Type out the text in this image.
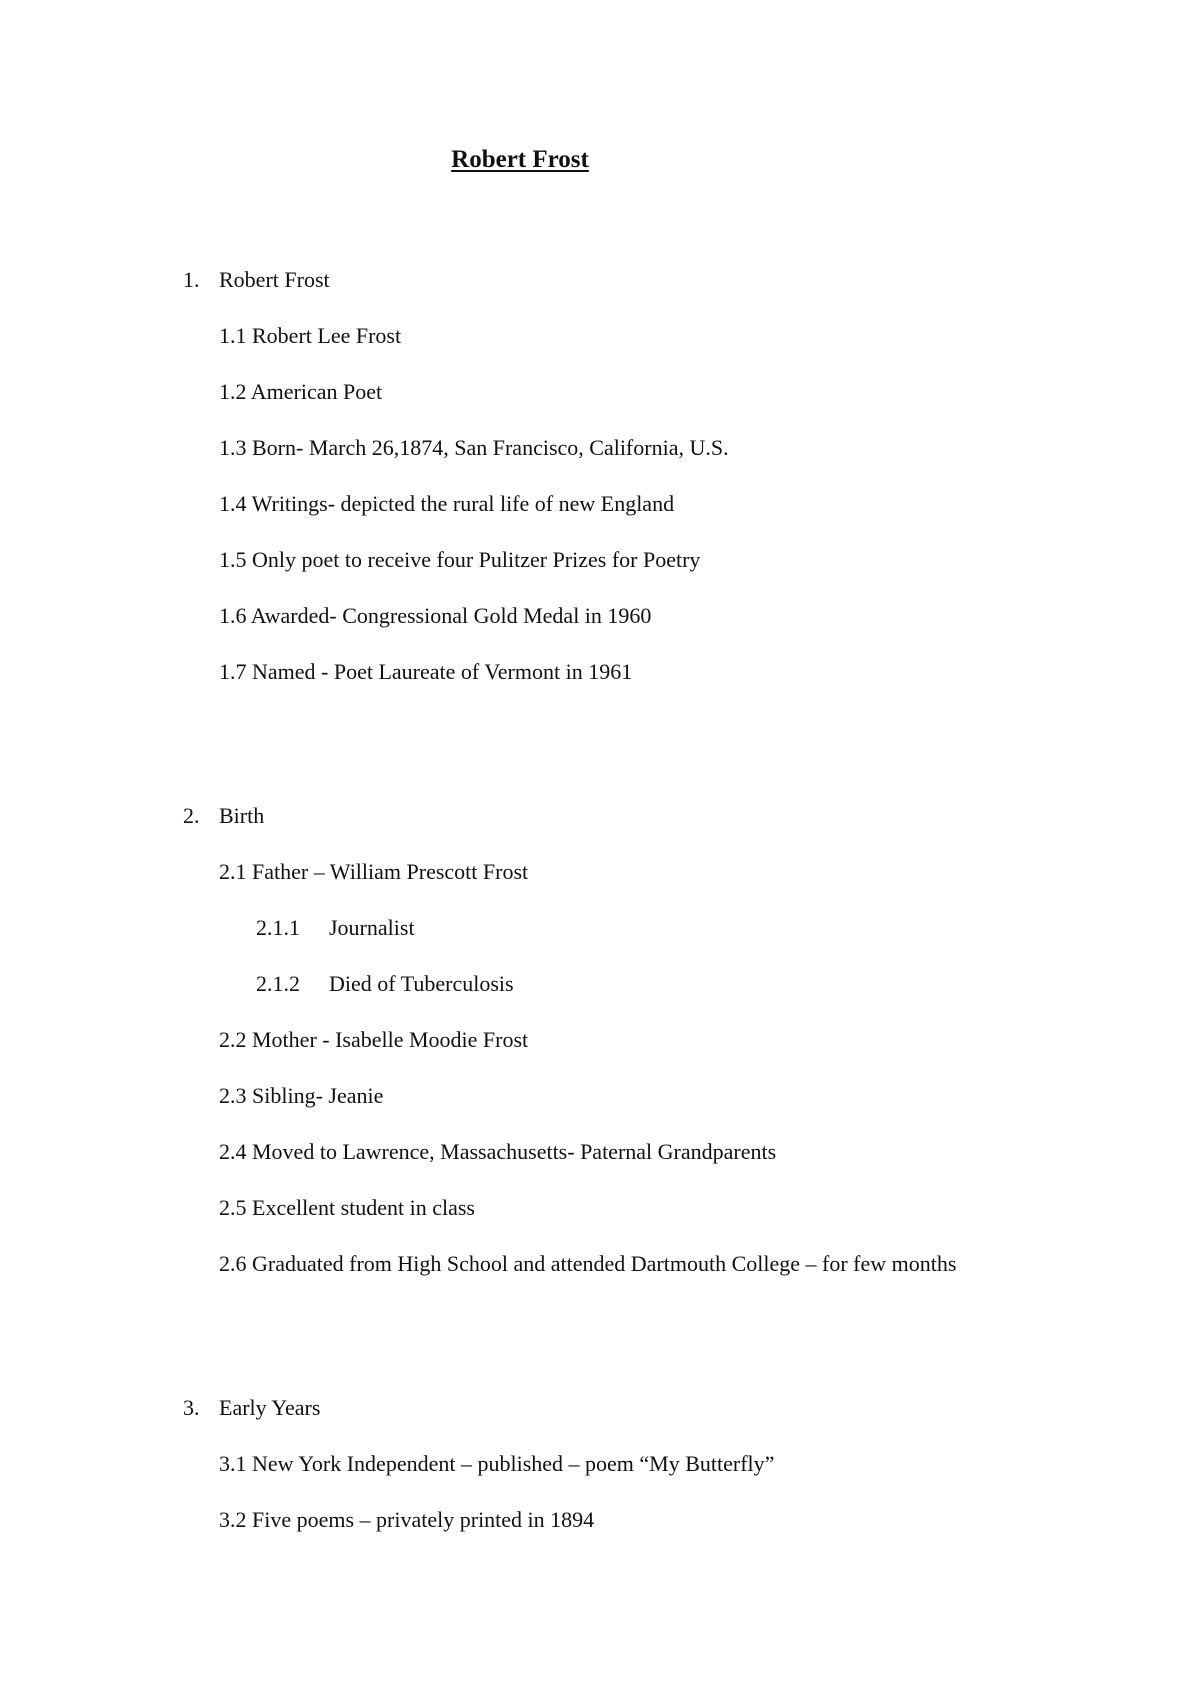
Robert Frost
1. Robert Frost
1.1 Robert Lee Frost
1.2 American Poet
1.3 Born- March 26,1874, San Francisco, California, U.S.
1.4 Writings- depicted the rural life of new England
1.5 Only poet to receive four Pulitzer Prizes for Poetry
1.6 Awarded- Congressional Gold Medal in 1960
1.7 Named - Poet Laureate of Vermont in 1961
2. Birth
2.1 Father – William Prescott Frost
2.1.1 Journalist
2.1.2 Died of Tuberculosis
2.2 Mother - Isabelle Moodie Frost
2.3 Sibling- Jeanie
2.4 Moved to Lawrence, Massachusetts- Paternal Grandparents
2.5 Excellent student in class
2.6 Graduated from High School and attended Dartmouth College – for few months
3. Early Years
3.1 New York Independent – published – poem “My Butterfly”
3.2 Five poems – privately printed in 1894
